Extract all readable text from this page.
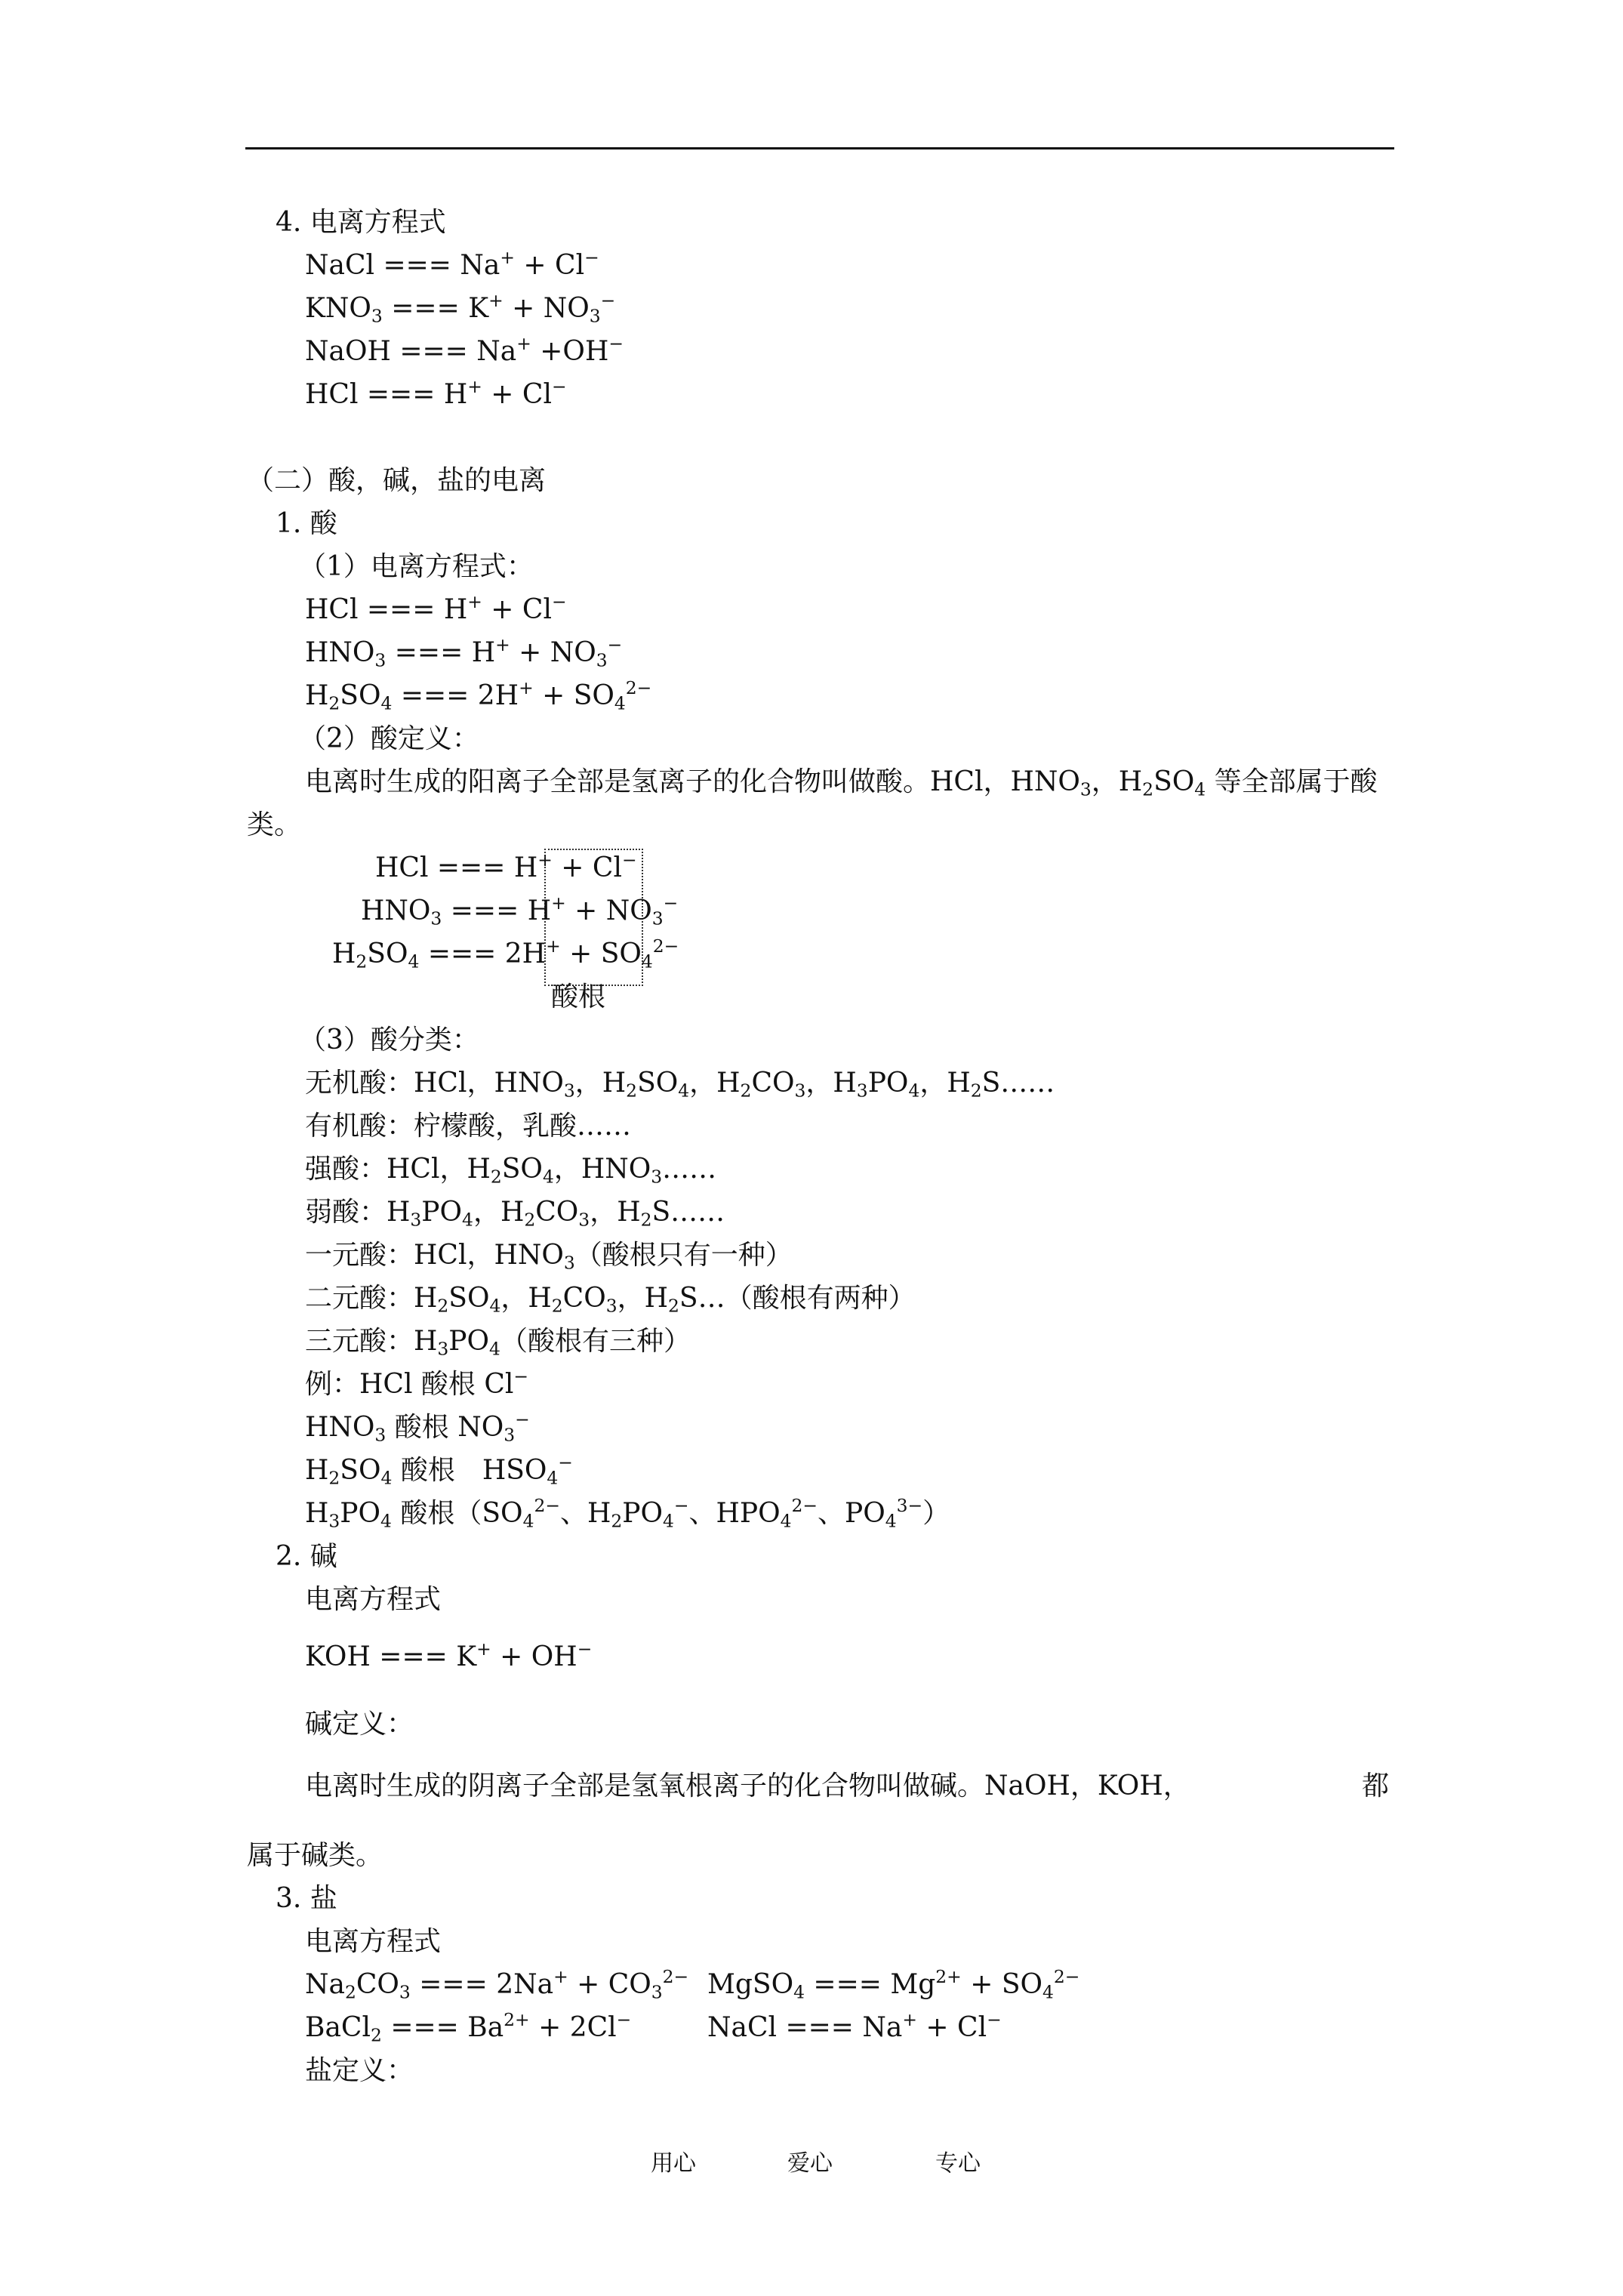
4. 电离方程式
NaCl === Na+ + Cl−
$KNO_3$ === $K^+ + NO_3^-$
NaOH === Na+ +OH−
HCl === H+ + Cl−
（二）酸，碱，盐的电离
1. 酸
（1）电离方程式：
HCl === H+ + Cl−
$HNO_3$ === $H^+ + NO_3^-$
$H_2SO_4$ === $2H^+ + SO_4^{2-}$
（2）酸定义：
电离时生成的阳离子全部是氢离子的化合物叫做酸。HCl，$HNO_3$，$H_2SO_4$ 等全部属于酸
类。
HCl === H+ + Cl−
$HNO_3$ === $H^+ + NO_3^-$
$H_2SO_4$ === $2H^+ + SO_4^{2-}$
酸根
（3）酸分类：
无机酸：HCl，$HNO_3$，$H_2SO_4$，$H_2CO_3$，$H_3PO_4$，$H_2S\dots\dots$
有机酸：柠檬酸，乳酸……
强酸：HCl，$H_2SO_4$，$HNO_3\dots\dots$
弱酸：$H_3PO_4$，$H_2CO_3$，$H_2S\dots\dots$
一元酸：HCl，$HNO_3$（酸根只有一种）
二元酸：$H_2SO_4$，$H_2CO_3$，$H_2S\dots$（酸根有两种）
三元酸：$H_3PO_4$（酸根有三种）
例：HCl 酸根 Cl−
$HNO_3$ 酸根 $NO_3^-$
$H_2SO_4$ 酸根　$HSO_4^-$
$H_3PO_4$ 酸根（$SO_4^{2-}$、$H_2PO_4^-$、$HPO_4^{2-}$、$PO_4^{3-}$）
2. 碱
电离方程式
KOH === K+ + OH−
碱定义：
电离时生成的阴离子全部是氢氧根离子的化合物叫做碱。NaOH，KOH，	都
属于碱类。
3. 盐
电离方程式
$Na_2CO_3$ === $2Na^+ + CO_3^{2-}$ MgSO$_4$ === $Mg^{2+} + SO_4^{2-}$
BaCl$_2$ === $Ba^{2+} + 2Cl^-$	NaCl === Na+ + Cl−
盐定义：
用心	爱心	专心
